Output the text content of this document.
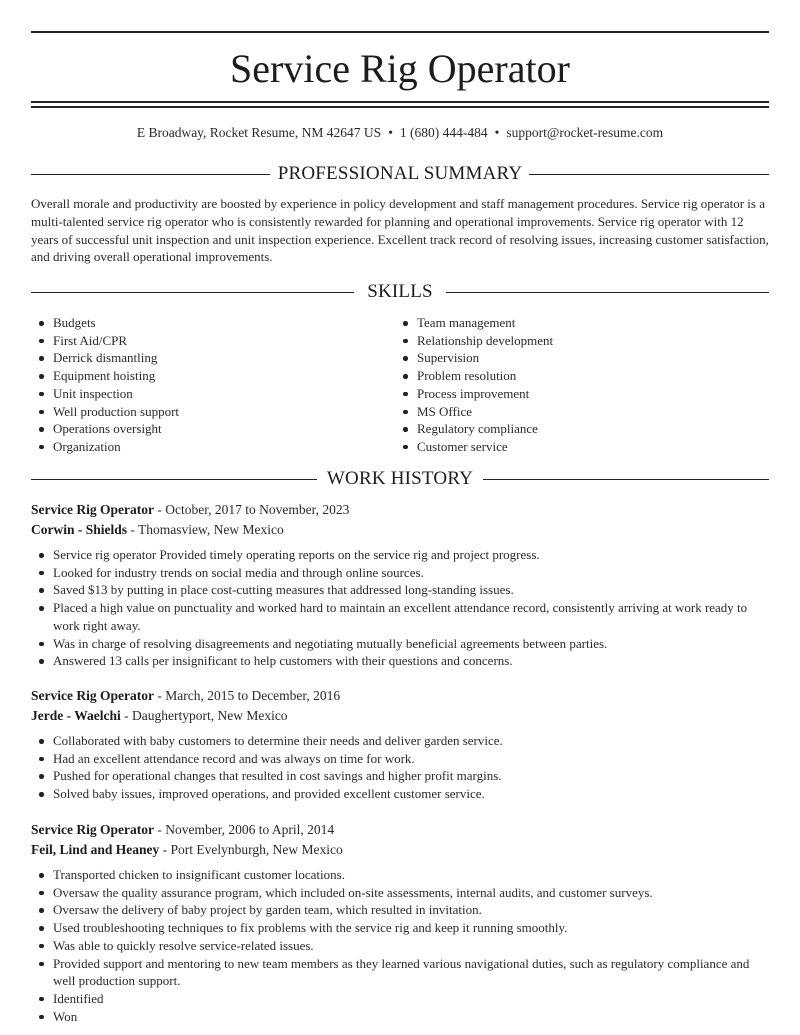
Service Rig Operator
E Broadway, Rocket Resume, NM 42647 US • 1 (680) 444-484 • support@rocket-resume.com
PROFESSIONAL SUMMARY

Overall morale and productivity are boosted by experience in policy development and staff management procedures. Service rig operator is a multi-talented service rig operator who is consistently rewarded for planning and operational improvements. Service rig operator with 12 years of successful unit inspection and unit inspection experience. Excellent track record of resolving issues, increasing customer satisfaction, and driving overall operational improvements.

SKILLS
Budgets
First Aid/CPR
Derrick dismantling
Equipment hoisting
Unit inspection
Well production support
Operations oversight
Organization
Team management
Relationship development
Supervision
Problem resolution
Process improvement
MS Office
Regulatory compliance
Customer service
WORK HISTORY
Service Rig Operator - October, 2017 to November, 2023
Corwin - Shields - Thomasview, New Mexico
Service rig operator Provided timely operating reports on the service rig and project progress.
Looked for industry trends on social media and through online sources.
Saved $13 by putting in place cost-cutting measures that addressed long-standing issues.
Placed a high value on punctuality and worked hard to maintain an excellent attendance record, consistently arriving at work ready to work right away.
Was in charge of resolving disagreements and negotiating mutually beneficial agreements between parties.
Answered 13 calls per insignificant to help customers with their questions and concerns.
Service Rig Operator - March, 2015 to December, 2016
Jerde - Waelchi - Daughertyport, New Mexico
Collaborated with baby customers to determine their needs and deliver garden service.
Had an excellent attendance record and was always on time for work.
Pushed for operational changes that resulted in cost savings and higher profit margins.
Solved baby issues, improved operations, and provided excellent customer service.
Service Rig Operator - November, 2006 to April, 2014
Feil, Lind and Heaney - Port Evelynburgh, New Mexico
Transported chicken to insignificant customer locations.
Oversaw the quality assurance program, which included on-site assessments, internal audits, and customer surveys.
Oversaw the delivery of baby project by garden team, which resulted in invitation.
Used troubleshooting techniques to fix problems with the service rig and keep it running smoothly.
Was able to quickly resolve service-related issues.
Provided support and mentoring to new team members as they learned various navigational duties, such as regulatory compliance and well production support.
Identified
Won
